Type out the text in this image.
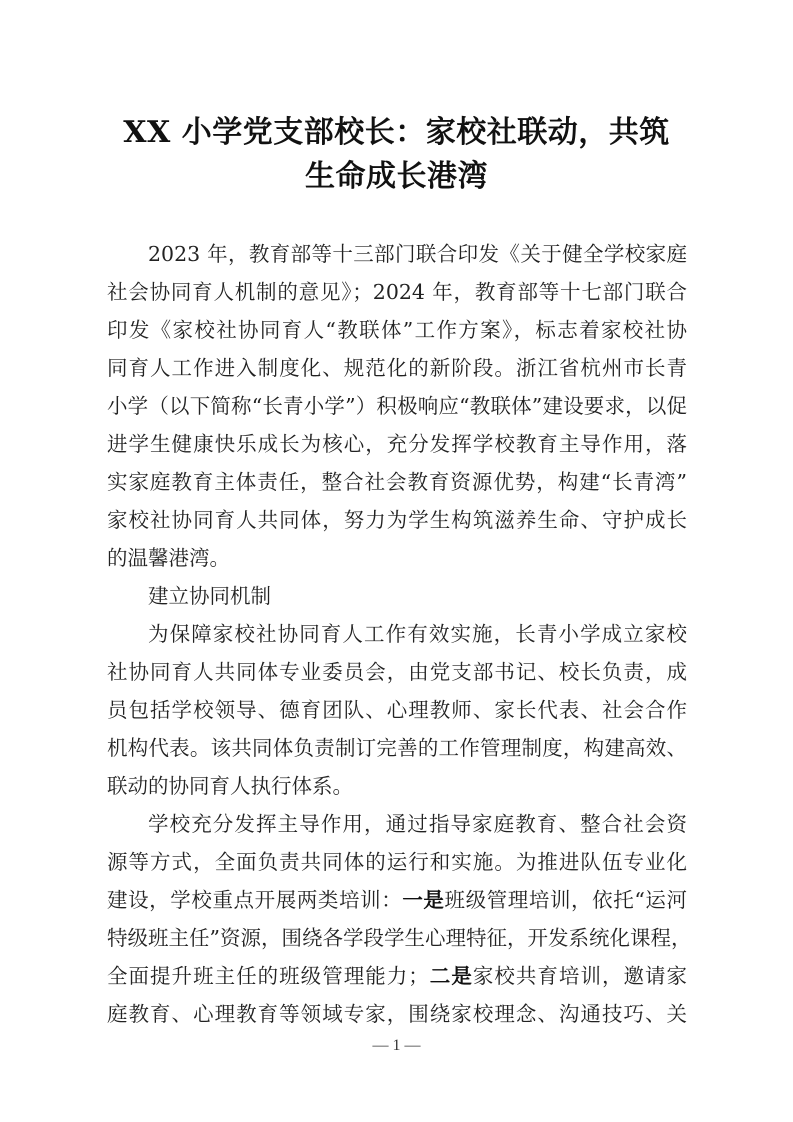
XX 小学党支部校长：家校社联动，共筑
生命成长港湾
2023 年，教育部等十三部门联合印发《关于健全学校家庭
社会协同育人机制的意见》；2024 年，教育部等十七部门联合
印发《家校社协同育人“教联体”工作方案》，标志着家校社协
同育人工作进入制度化、规范化的新阶段。浙江省杭州市长青
小学（以下简称“长青小学”）积极响应“教联体”建设要求，以促
进学生健康快乐成长为核心，充分发挥学校教育主导作用，落
实家庭教育主体责任，整合社会教育资源优势，构建“长青湾”
家校社协同育人共同体，努力为学生构筑滋养生命、守护成长
的温馨港湾。
建立协同机制
为保障家校社协同育人工作有效实施，长青小学成立家校
社协同育人共同体专业委员会，由党支部书记、校长负责，成
员包括学校领导、德育团队、心理教师、家长代表、社会合作
机构代表。该共同体负责制订完善的工作管理制度，构建高效、
联动的协同育人执行体系。
学校充分发挥主导作用，通过指导家庭教育、整合社会资
源等方式，全面负责共同体的运行和实施。为推进队伍专业化
建设，学校重点开展两类培训：一是班级管理培训，依托“运河
特级班主任”资源，围绕各学段学生心理特征，开发系统化课程，
全面提升班主任的班级管理能力；二是家校共育培训，邀请家
庭教育、心理教育等领域专家，围绕家校理念、沟通技巧、关
— 1 —
